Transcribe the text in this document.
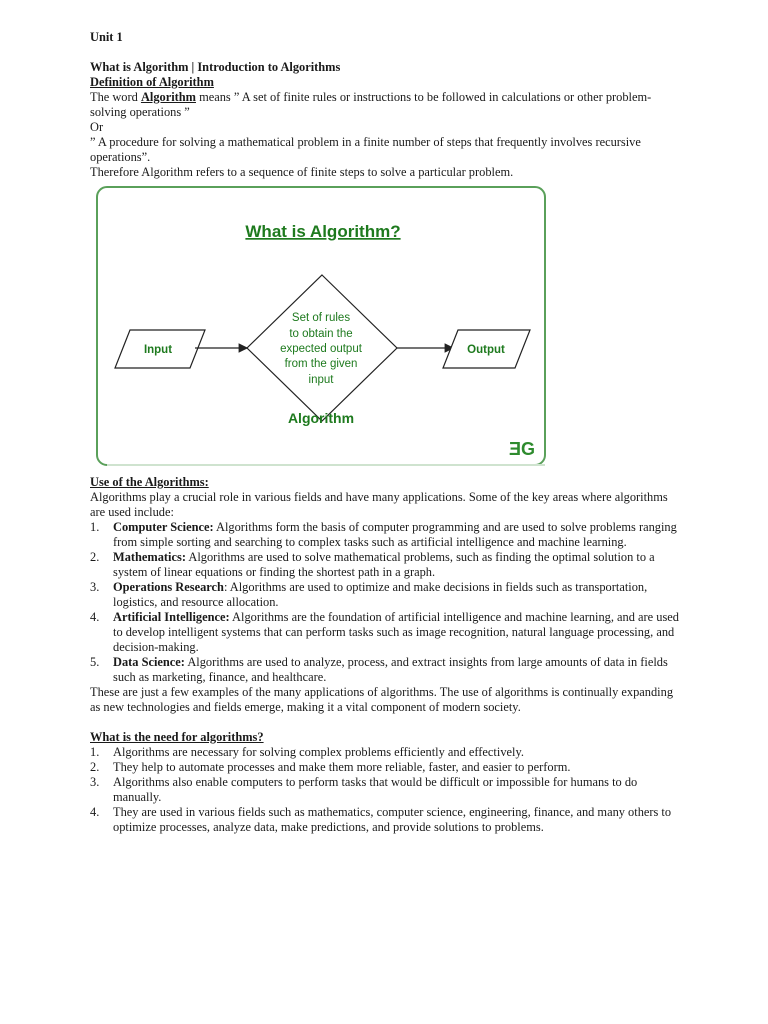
Unit 1

What is Algorithm | Introduction to Algorithms

Definition of Algorithm

The word Algorithm means ” A set of finite rules or instructions to be followed in calculations or other problem-solving operations ”

Or

” A procedure for solving a mathematical problem in a finite number of steps that frequently involves recursive operations”.

Therefore Algorithm refers to a sequence of finite steps to solve a particular problem.

What is Algorithm?
Input
Set of rules
to obtain the
expected output
from the given
input
Output
Algorithm
ƎG

Use of the Algorithms:

Algorithms play a crucial role in various fields and have many applications. Some of the key areas where algorithms are used include:

1. Computer Science: Algorithms form the basis of computer programming and are used to solve problems ranging from simple sorting and searching to complex tasks such as artificial intelligence and machine learning.
2. Mathematics: Algorithms are used to solve mathematical problems, such as finding the optimal solution to a system of linear equations or finding the shortest path in a graph.
3. Operations Research: Algorithms are used to optimize and make decisions in fields such as transportation, logistics, and resource allocation.
4. Artificial Intelligence: Algorithms are the foundation of artificial intelligence and machine learning, and are used to develop intelligent systems that can perform tasks such as image recognition, natural language processing, and decision-making.
5. Data Science: Algorithms are used to analyze, process, and extract insights from large amounts of data in fields such as marketing, finance, and healthcare.

These are just a few examples of the many applications of algorithms. The use of algorithms is continually expanding as new technologies and fields emerge, making it a vital component of modern society.

What is the need for algorithms?

1. Algorithms are necessary for solving complex problems efficiently and effectively.
2. They help to automate processes and make them more reliable, faster, and easier to perform.
3. Algorithms also enable computers to perform tasks that would be difficult or impossible for humans to do manually.
4. They are used in various fields such as mathematics, computer science, engineering, finance, and many others to optimize processes, analyze data, make predictions, and provide solutions to problems.
